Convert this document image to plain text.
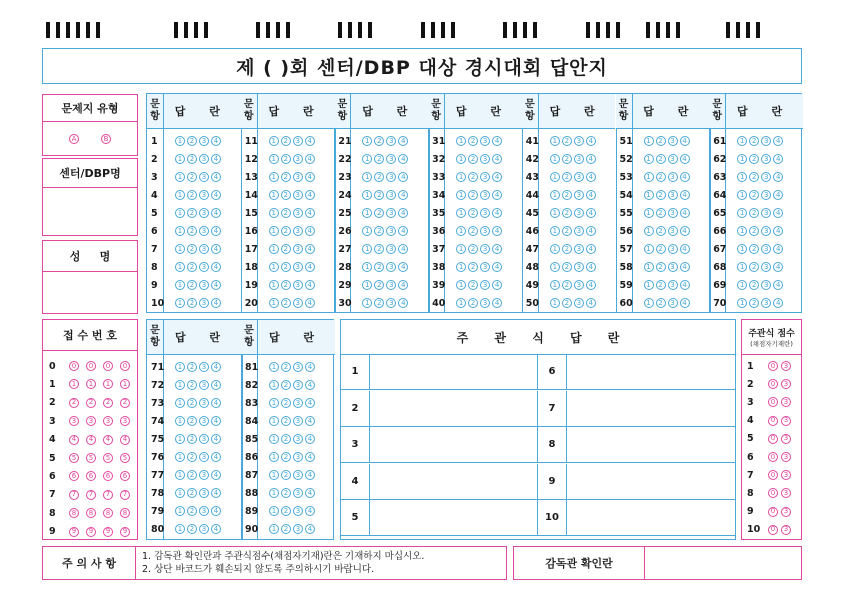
제 ( )회 센터/DBP 대상 경시대회 답안지
문제지 유형
A	B
센터/DBP명
성     명
접 수 번 호
0	0	0	0	0
1	1	1	1	1
2	2	2	2	2
3	3	3	3	3
4	4	4	4	4
5	5	5	5	5
6	6	6	6	6
7	7	7	7	7
8	8	8	8	8
9	9	9	9	9
문
항	답 란
1	1	2	3	4
2	1	2	3	4
3	1	2	3	4
4	1	2	3	4
5	1	2	3	4
6	1	2	3	4
7	1	2	3	4
8	1	2	3	4
9	1	2	3	4
10	1	2	3	4
문
항	답 란
11	1	2	3	4
12	1	2	3	4
13	1	2	3	4
14	1	2	3	4
15	1	2	3	4
16	1	2	3	4
17	1	2	3	4
18	1	2	3	4
19	1	2	3	4
20	1	2	3	4
문
항	답 란
21	1	2	3	4
22	1	2	3	4
23	1	2	3	4
24	1	2	3	4
25	1	2	3	4
26	1	2	3	4
27	1	2	3	4
28	1	2	3	4
29	1	2	3	4
30	1	2	3	4
문
항	답 란
31	1	2	3	4
32	1	2	3	4
33	1	2	3	4
34	1	2	3	4
35	1	2	3	4
36	1	2	3	4
37	1	2	3	4
38	1	2	3	4
39	1	2	3	4
40	1	2	3	4
문
항	답 란
41	1	2	3	4
42	1	2	3	4
43	1	2	3	4
44	1	2	3	4
45	1	2	3	4
46	1	2	3	4
47	1	2	3	4
48	1	2	3	4
49	1	2	3	4
50	1	2	3	4
문
항	답 란
51	1	2	3	4
52	1	2	3	4
53	1	2	3	4
54	1	2	3	4
55	1	2	3	4
56	1	2	3	4
57	1	2	3	4
58	1	2	3	4
59	1	2	3	4
60	1	2	3	4
문
항	답 란
61	1	2	3	4
62	1	2	3	4
63	1	2	3	4
64	1	2	3	4
65	1	2	3	4
66	1	2	3	4
67	1	2	3	4
68	1	2	3	4
69	1	2	3	4
70	1	2	3	4
문
항	답 란
71	1	2	3	4
72	1	2	3	4
73	1	2	3	4
74	1	2	3	4
75	1	2	3	4
76	1	2	3	4
77	1	2	3	4
78	1	2	3	4
79	1	2	3	4
80	1	2	3	4
문
항	답 란
81	1	2	3	4
82	1	2	3	4
83	1	2	3	4
84	1	2	3	4
85	1	2	3	4
86	1	2	3	4
87	1	2	3	4
88	1	2	3	4
89	1	2	3	4
90	1	2	3	4
주 관 식 답 란
1
2
3
4
5
6
7
8
9
10
주관식 점수
(채점자기재란)
1	0	3
2	0	3
3	0	3
4	0	3
5	0	3
6	0	3
7	0	3
8	0	3
9	0	3
10	0	3
주 의 사 항
1. 감독관 확인란과 주관식점수(채점자기재)란은 기재하지 마십시오.
2. 상단 바코드가 훼손되지 않도록 주의하시기 바랍니다.	감독관 확인란
